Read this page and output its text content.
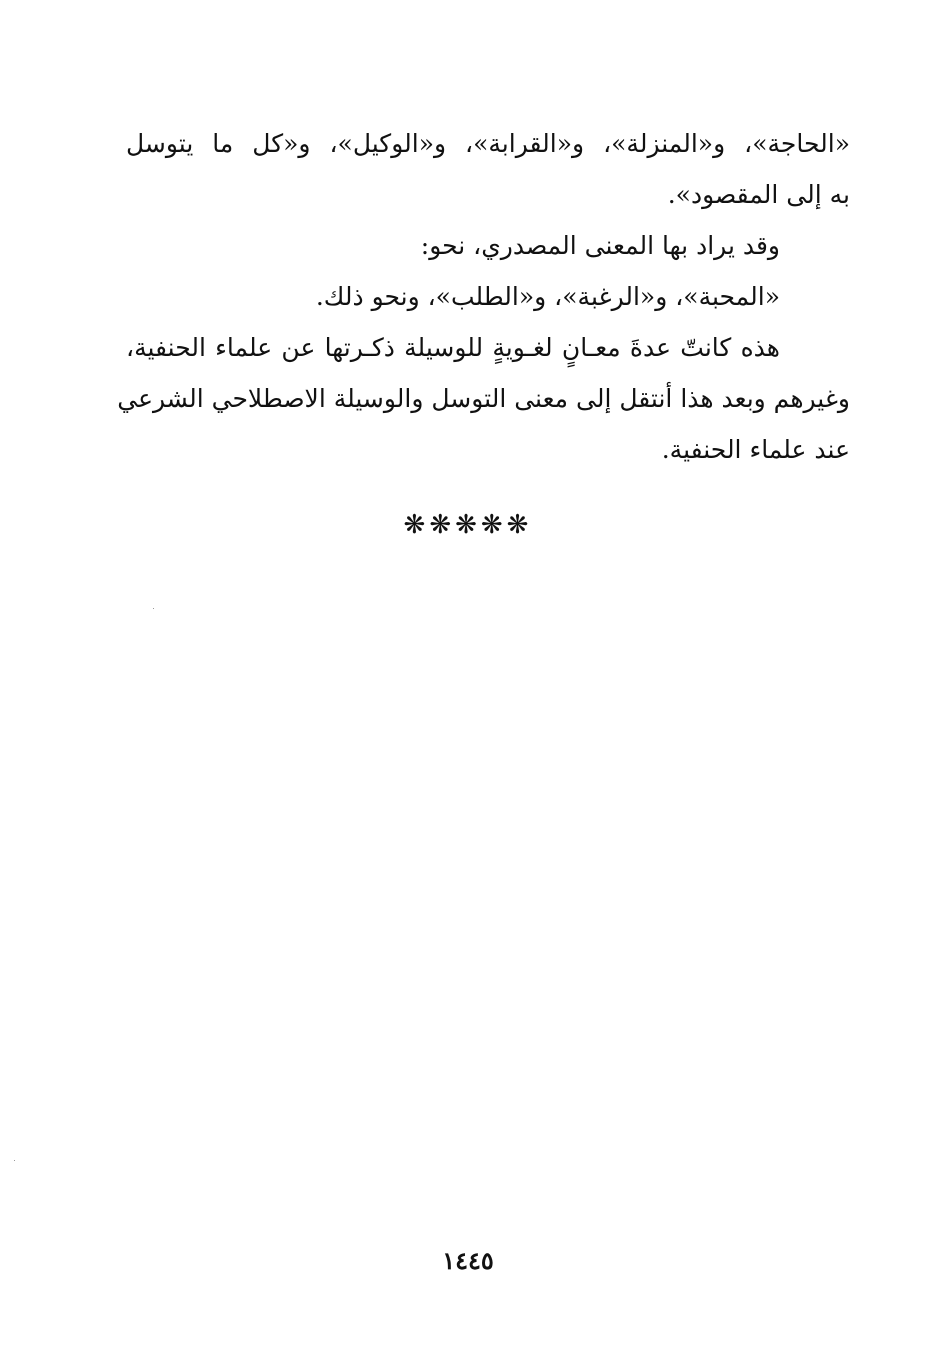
«الحاجة»، و«المنزلة»، و«القرابة»، و«الوكيل»، و«كل ما يتوسل
به إلى المقصود».
وقد يراد بها المعنى المصدري، نحو:
«المحبة»، و«الرغبة»، و«الطلب»، ونحو ذلك.
هذه كانتّ عدةَ معـانٍ لغـويةٍ للوسيلة ذكـرتها عن علماء الحنفية،
وغيرهم وبعد هذا أنتقل إلى معنى التوسل والوسيلة الاصطلاحي الشرعي
عند علماء الحنفية.
❋❋❋❋❋
١٤٤٥
